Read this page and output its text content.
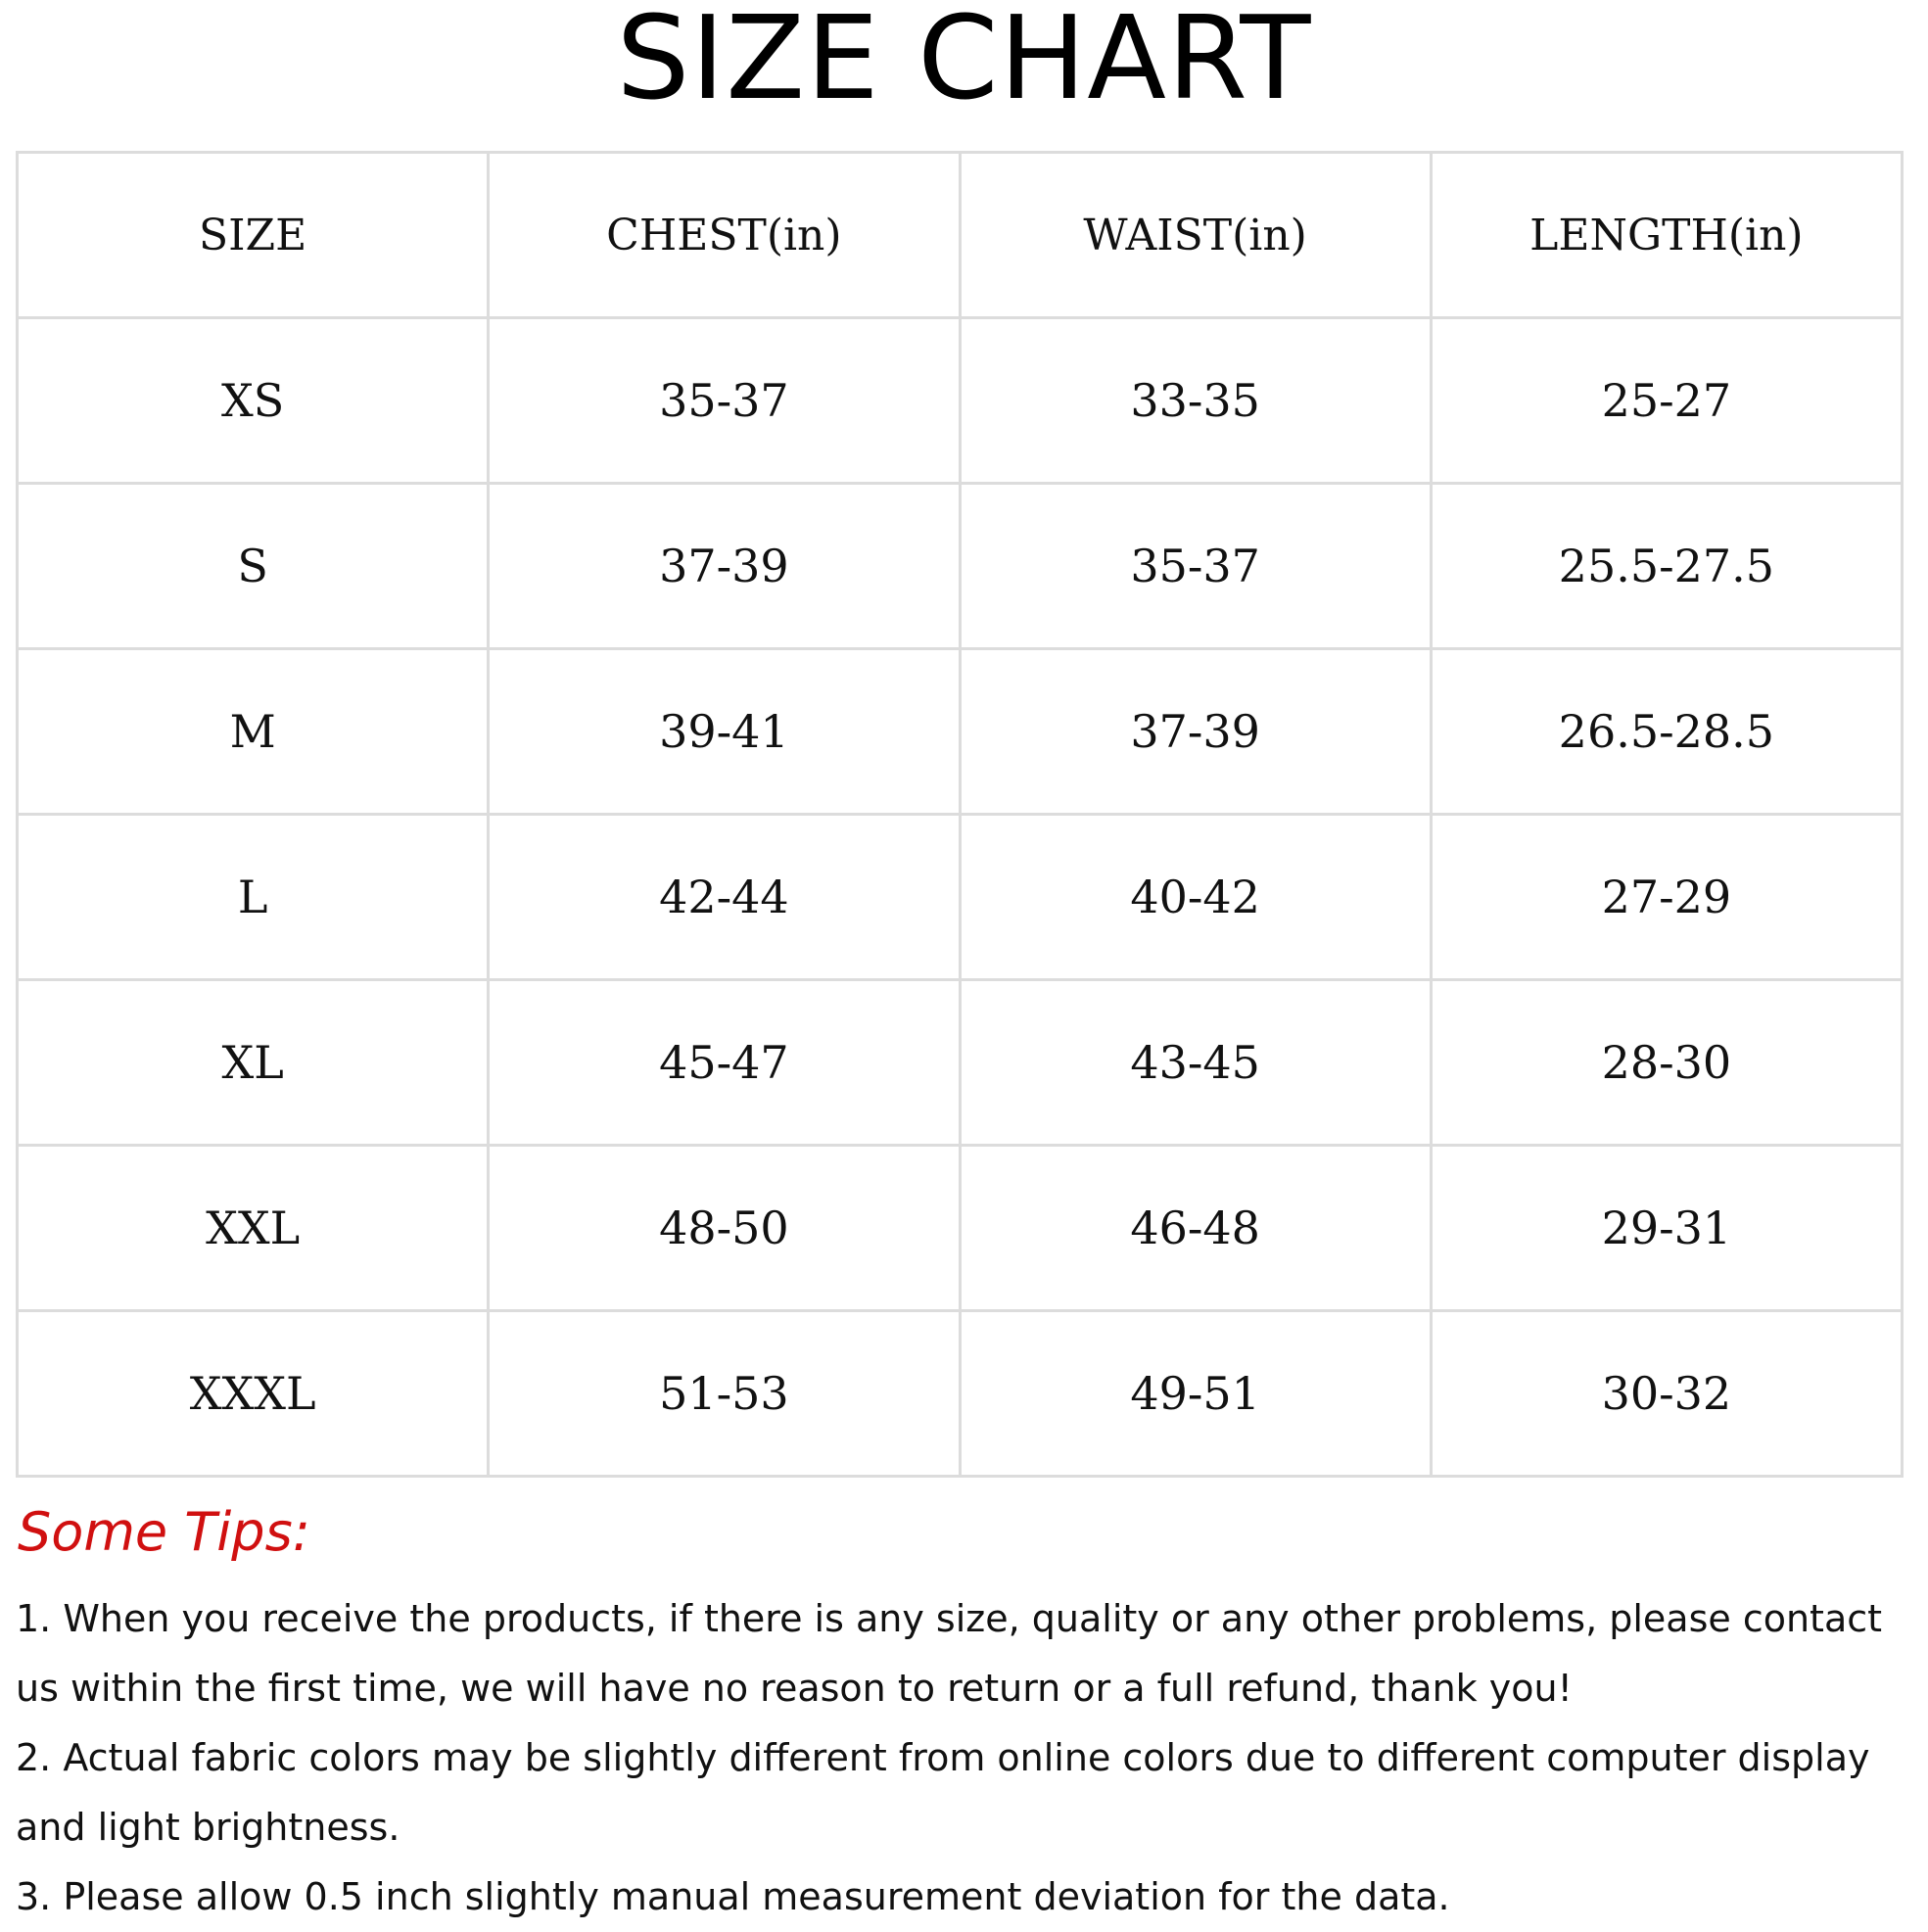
SIZE CHART
SIZE	CHEST(in)	WAIST(in)	LENGTH(in)
XS	35-37	33-35	25-27
S	37-39	35-37	25.5-27.5
M	39-41	37-39	26.5-28.5
L	42-44	40-42	27-29
XL	45-47	43-45	28-30
XXL	48-50	46-48	29-31
XXXL	51-53	49-51	30-32
Some Tips:
1. When you receive the products, if there is any size, quality or any other problems, please contact
us within the first time, we will have no reason to return or a full refund, thank you!
2. Actual fabric colors may be slightly different from online colors due to different computer display
and light brightness.
3. Please allow 0.5 inch slightly manual measurement deviation for the data.
